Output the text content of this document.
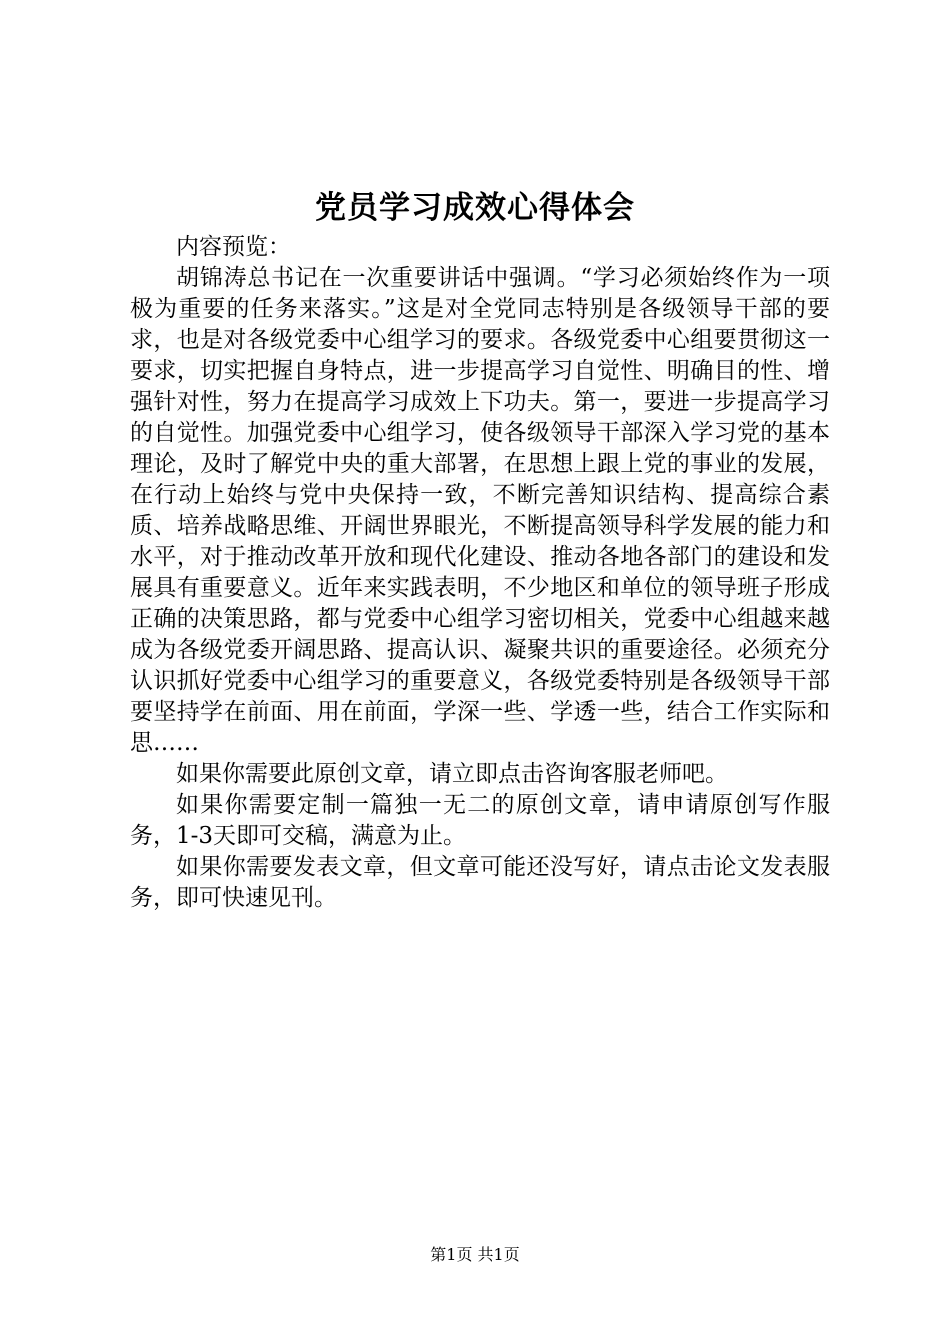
党员学习成效心得体会

内容预览：

胡锦涛总书记在一次重要讲话中强调。“学习必须始终作为一项极为重要的任务来落实。”这是对全党同志特别是各级领导干部的要求，也是对各级党委中心组学习的要求。各级党委中心组要贯彻这一要求，切实把握自身特点，进一步提高学习自觉性、明确目的性、增强针对性，努力在提高学习成效上下功夫。第一，要进一步提高学习的自觉性。加强党委中心组学习，使各级领导干部深入学习党的基本理论，及时了解党中央的重大部署，在思想上跟上党的事业的发展，在行动上始终与党中央保持一致，不断完善知识结构、提高综合素质、培养战略思维、开阔世界眼光，不断提高领导科学发展的能力和水平，对于推动改革开放和现代化建设、推动各地各部门的建设和发展具有重要意义。近年来实践表明，不少地区和单位的领导班子形成正确的决策思路，都与党委中心组学习密切相关，党委中心组越来越成为各级党委开阔思路、提高认识、凝聚共识的重要途径。必须充分认识抓好党委中心组学习的重要意义，各级党委特别是各级领导干部要坚持学在前面、用在前面，学深一些、学透一些，结合工作实际和思……

如果你需要此原创文章，请立即点击咨询客服老师吧。

如果你需要定制一篇独一无二的原创文章，请申请原创写作服务，1-3天即可交稿，满意为止。

如果你需要发表文章，但文章可能还没写好，请点击论文发表服务，即可快速见刊。

第1页 共1页
